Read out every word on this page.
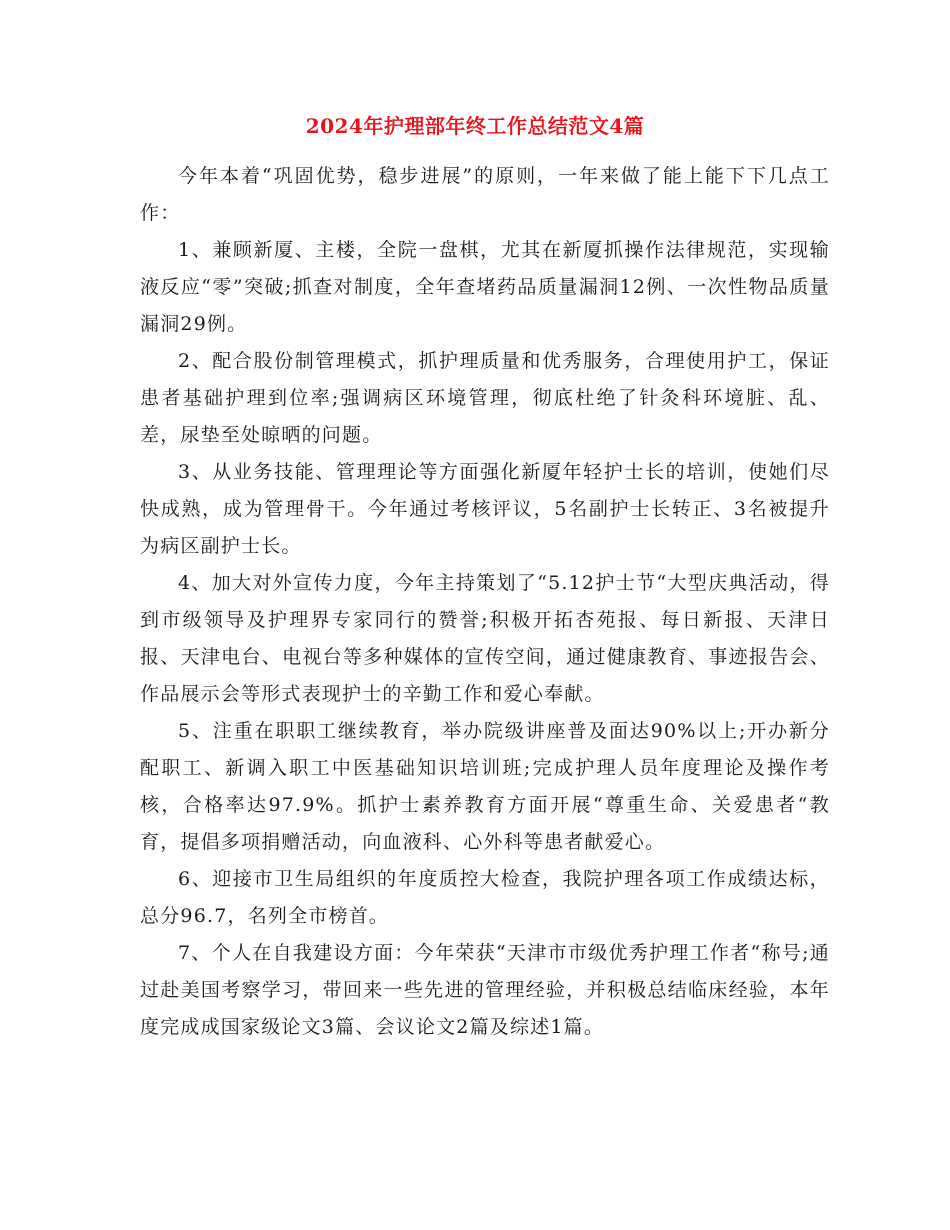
2024年护理部年终工作总结范文4篇

今年本着“巩固优势，稳步进展”的原则，一年来做了能上能下下几点工作：

1、兼顾新厦、主楼，全院一盘棋，尤其在新厦抓操作法律规范，实现输液反应“零”突破;抓查对制度，全年查堵药品质量漏洞12例、一次性物品质量漏洞29例。

2、配合股份制管理模式，抓护理质量和优秀服务，合理使用护工，保证患者基础护理到位率;强调病区环境管理，彻底杜绝了针灸科环境脏、乱、差，尿垫至处晾晒的问题。

3、从业务技能、管理理论等方面强化新厦年轻护士长的培训，使她们尽快成熟，成为管理骨干。今年通过考核评议，5名副护士长转正、3名被提升为病区副护士长。

4、加大对外宣传力度，今年主持策划了“5.12护士节“大型庆典活动，得到市级领导及护理界专家同行的赞誉;积极开拓杏苑报、每日新报、天津日报、天津电台、电视台等多种媒体的宣传空间，通过健康教育、事迹报告会、作品展示会等形式表现护士的辛勤工作和爱心奉献。

5、注重在职职工继续教育，举办院级讲座普及面达90%以上;开办新分配职工、新调入职工中医基础知识培训班;完成护理人员年度理论及操作考核，合格率达97.9%。抓护士素养教育方面开展“尊重生命、关爱患者“教育，提倡多项捐赠活动，向血液科、心外科等患者献爱心。

6、迎接市卫生局组织的年度质控大检查，我院护理各项工作成绩达标，总分96.7，名列全市榜首。

7、个人在自我建设方面：今年荣获“天津市市级优秀护理工作者“称号;通过赴美国考察学习，带回来一些先进的管理经验，并积极总结临床经验，本年度完成成国家级论文3篇、会议论文2篇及综述1篇。
